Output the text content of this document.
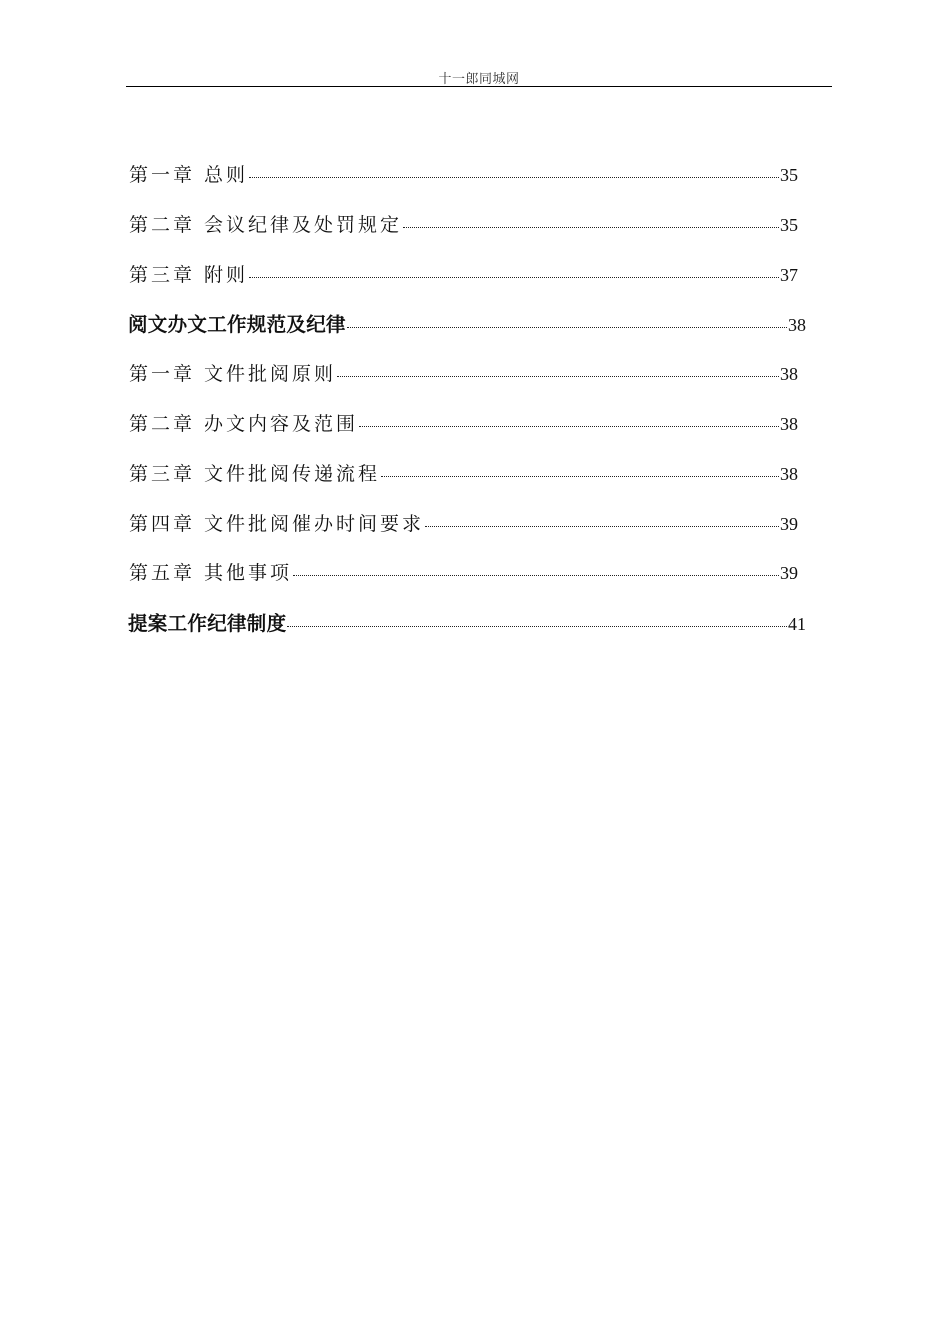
十一郎同城网
第一章 总则	35
第二章 会议纪律及处罚规定	35
第三章 附则	37
阅文办文工作规范及纪律	38
第一章 文件批阅原则	38
第二章 办文内容及范围	38
第三章 文件批阅传递流程	38
第四章 文件批阅催办时间要求	39
第五章 其他事项	39
提案工作纪律制度	41
